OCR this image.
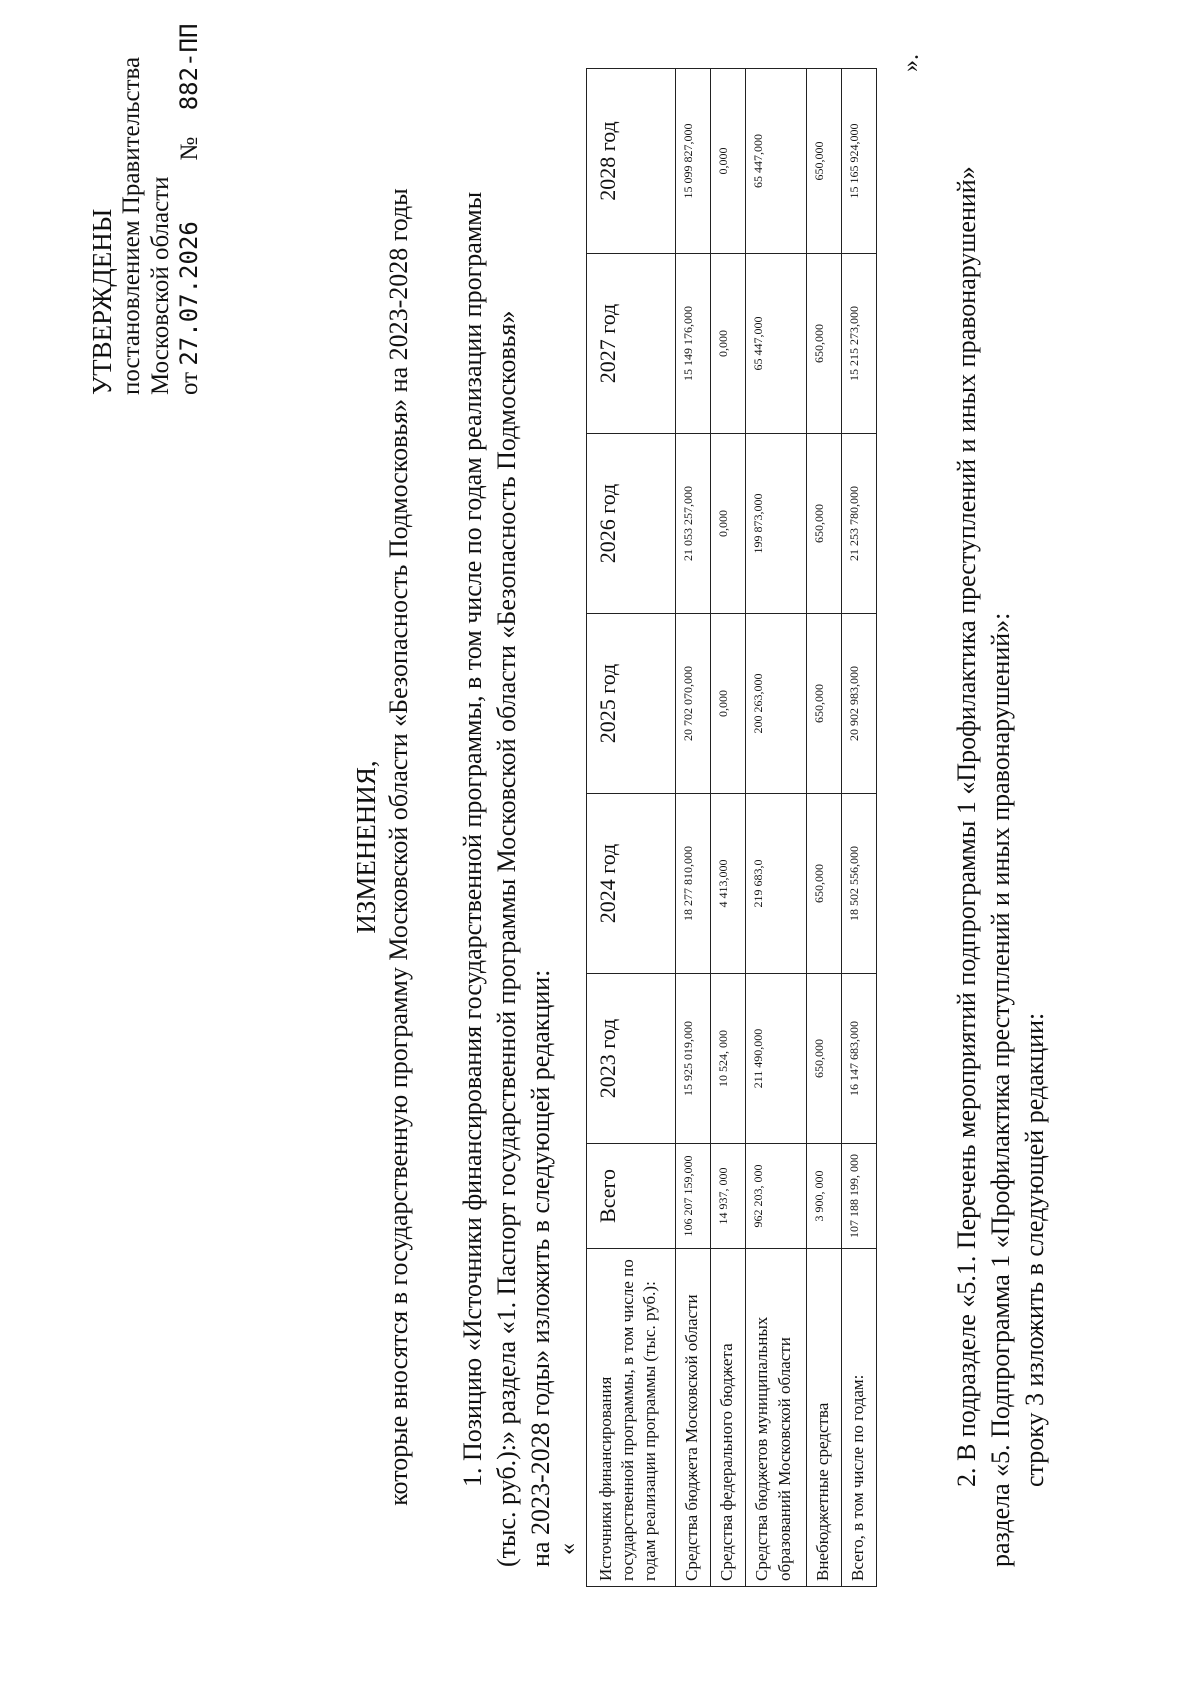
УТВЕРЖДЕНЫ постановлением Правительства Московской области от 27.07.2026  №  882-ПП
ИЗМЕНЕНИЯ, которые вносятся в государственную программу Московской области «Безопасность Подмосковья» на 2023-2028 годы 1. Позицию «Источники финансирования государственной программы, в том числе по годам реализации программы (тыс. руб.):» раздела «1. Паспорт государственной программы Московской области «Безопасность Подмосковья» на 2023-2028 годы» изложить в следующей редакции: « Источники финансирования государственной программы, в том числе по годам реализации программы (тыс. руб.):	Всего	2023 год	2024 год	2025 год	2026 год	2027 год	2028 год
Средства бюджета Московской области	106 207 159,000	15 925 019,000	18 277 810,000	20 702 070,000	21 053 257,000	15 149 176,000	15 099 827,000
Средства федерального бюджета	14 937, 000	10 524, 000	4 413,000	0,000	0,000	0,000	0,000
Средства бюджетов муниципальных образований Московской области	962 203, 000	211 490,000	219 683,0	200 263,000	199 873,000	65 447,000	65 447,000
Внебюджетные средства	3 900, 000	650,000	650,000	650,000	650,000	650,000	650,000
Всего, в том числе по годам:	107 188 199, 000	16 147 683,000	18 502 556,000	20 902 983,000	21 253 780,000	15 215 273,000	15 165 924,000
».
2. В подразделе «5.1. Перечень мероприятий подпрограммы 1 «Профилактика преступлений и иных правонарушений» раздела «5. Подпрограмма 1 «Профилактика преступлений и иных правонарушений»: строку 3 изложить в следующей редакции:
